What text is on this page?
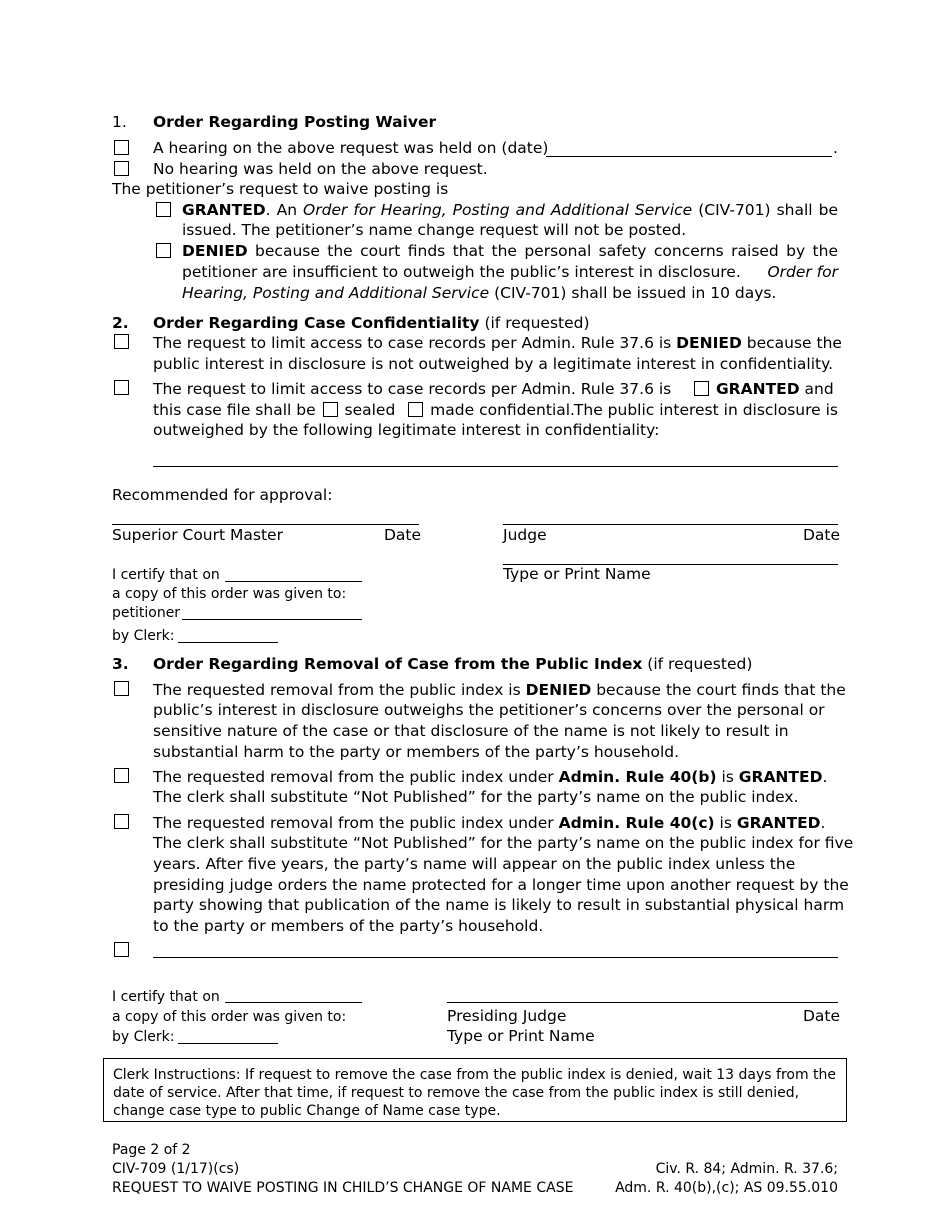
1. Order Regarding Posting Waiver
A hearing on the above request was held on (date)	.
No hearing was held on the above request.
The petitioner’s request to waive posting is
GRANTED. An Order for Hearing, Posting and Additional Service (CIV-701) shall be
issued. The petitioner’s name change request will not be posted.
DENIED because the court finds that the personal safety concerns raised by the
petitioner are insufficient to outweigh the public’s interest in disclosure. Order for
Hearing, Posting and Additional Service (CIV-701) shall be issued in 10 days.
2. Order Regarding Case Confidentiality (if requested)
The request to limit access to case records per Admin. Rule 37.6 is DENIED because the
public interest in disclosure is not outweighed by a legitimate interest in confidentiality.
The request to limit access to case records per Admin. Rule 37.6 is	GRANTED and
this case file shall be sealed made confidential.
The public interest in disclosure is
outweighed by the following legitimate interest in confidentiality:
Recommended for approval:
Superior Court Master	Date	Judge	Date
Type or Print Name
I certify that on
a copy of this order was given to:
petitioner
by Clerk:
3. Order Regarding Removal of Case from the Public Index (if requested)
The requested removal from the public index is DENIED because the court finds that the
public’s interest in disclosure outweighs the petitioner’s concerns over the personal or
sensitive nature of the case or that disclosure of the name is not likely to result in
substantial harm to the party or members of the party’s household.
The requested removal from the public index under Admin. Rule 40(b) is GRANTED.
The clerk shall substitute “Not Published” for the party’s name on the public index.
The requested removal from the public index under Admin. Rule 40(c) is GRANTED.
The clerk shall substitute “Not Published” for the party’s name on the public index for five
years. After five years, the party’s name will appear on the public index unless the
presiding judge orders the name protected for a longer time upon another request by the
party showing that publication of the name is likely to result in substantial physical harm
to the party or members of the party’s household.
I certify that on
a copy of this order was given to:
by Clerk:
Presiding Judge	Date
Type or Print Name
Clerk Instructions: If request to remove the case from the public index is denied, wait 13 days from the
date of service. After that time, if request to remove the case from the public index is still denied,
change case type to public Change of Name case type.
Page 2 of 2
CIV-709 (1/17)(cs)
REQUEST TO WAIVE POSTING IN CHILD’S CHANGE OF NAME CASE
Civ. R. 84; Admin. R. 37.6;
Adm. R. 40(b),(c); AS 09.55.010
